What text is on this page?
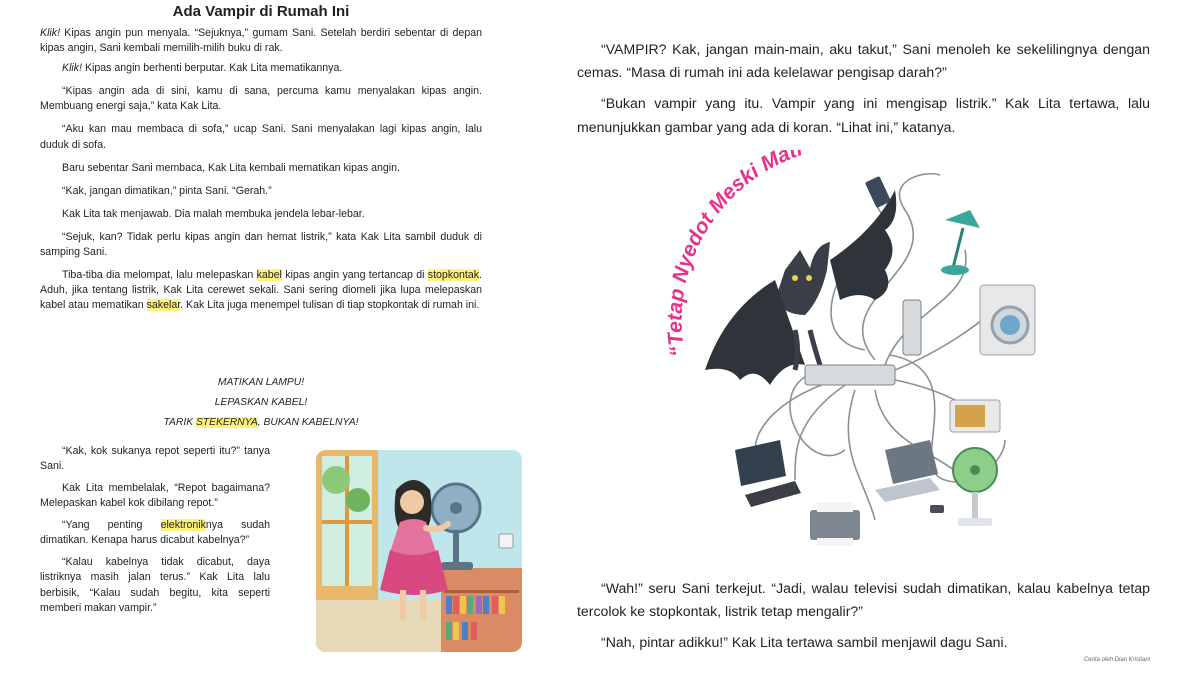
Ada Vampir di Rumah Ini

Klik! Kipas angin pun menyala. “Sejuknya,” gumam Sani. Setelah berdiri sebentar di depan kipas angin, Sani kembali memilih-milih buku di rak.

Klik! Kipas angin berhenti berputar. Kak Lita mematikannya.

“Kipas angin ada di sini, kamu di sana, percuma kamu menyalakan kipas angin. Membuang energi saja,” kata Kak Lita.

“Aku kan mau membaca di sofa,” ucap Sani. Sani menyalakan lagi kipas angin, lalu duduk di sofa.

Baru sebentar Sani membaca, Kak Lita kembali mematikan kipas angin.

“Kak, jangan dimatikan,” pinta Sani. “Gerah.”

Kak Lita tak menjawab. Dia malah membuka jendela lebar-lebar.

“Sejuk, kan? Tidak perlu kipas angin dan hemat listrik,” kata Kak Lita sambil duduk di samping Sani.

Tiba-tiba dia melompat, lalu melepaskan kabel kipas angin yang tertancap di stopkontak. Aduh, jika tentang listrik, Kak Lita cerewet sekali. Sani sering diomeli jika lupa melepaskan kabel atau mematikan sakelar. Kak Lita juga menempel tulisan di tiap stopkontak di rumah ini.

MATIKAN LAMPU!
LEPASKAN KABEL!
TARIK STEKERNYA, BUKAN KABELNYA!

“Kak, kok sukanya repot seperti itu?” tanya Sani.

Kak Lita membelalak, “Repot bagaimana? Melepaskan kabel kok dibilang repot.”

“Yang penting elektroniknya sudah dimatikan. Kenapa harus dicabut kabelnya?”

“Kalau kabelnya tidak dicabut, daya listriknya masih jalan terus.” Kak Lita lalu berbisik, “Kalau sudah begitu, kita seperti memberi makan vampir.”

“VAMPIR? Kak, jangan main-main, aku takut,” Sani menoleh ke sekelilingnya dengan cemas. “Masa di rumah ini ada kelelawar pengisap darah?”

“Bukan vampir yang itu. Vampir yang ini mengisap listrik.” Kak Lita tertawa, lalu menunjukkan gambar yang ada di koran. “Lihat ini,” katanya.

“Wah!” seru Sani terkejut. “Jadi, walau televisi sudah dimatikan, kalau kabelnya tetap tercolok ke stopkontak, listrik tetap mengalir?”

“Nah, pintar adikku!” Kak Lita tertawa sambil menjawil dagu Sani.

Cerita oleh Dian Kristiani
“Tetap Nyedot Meski Mat
